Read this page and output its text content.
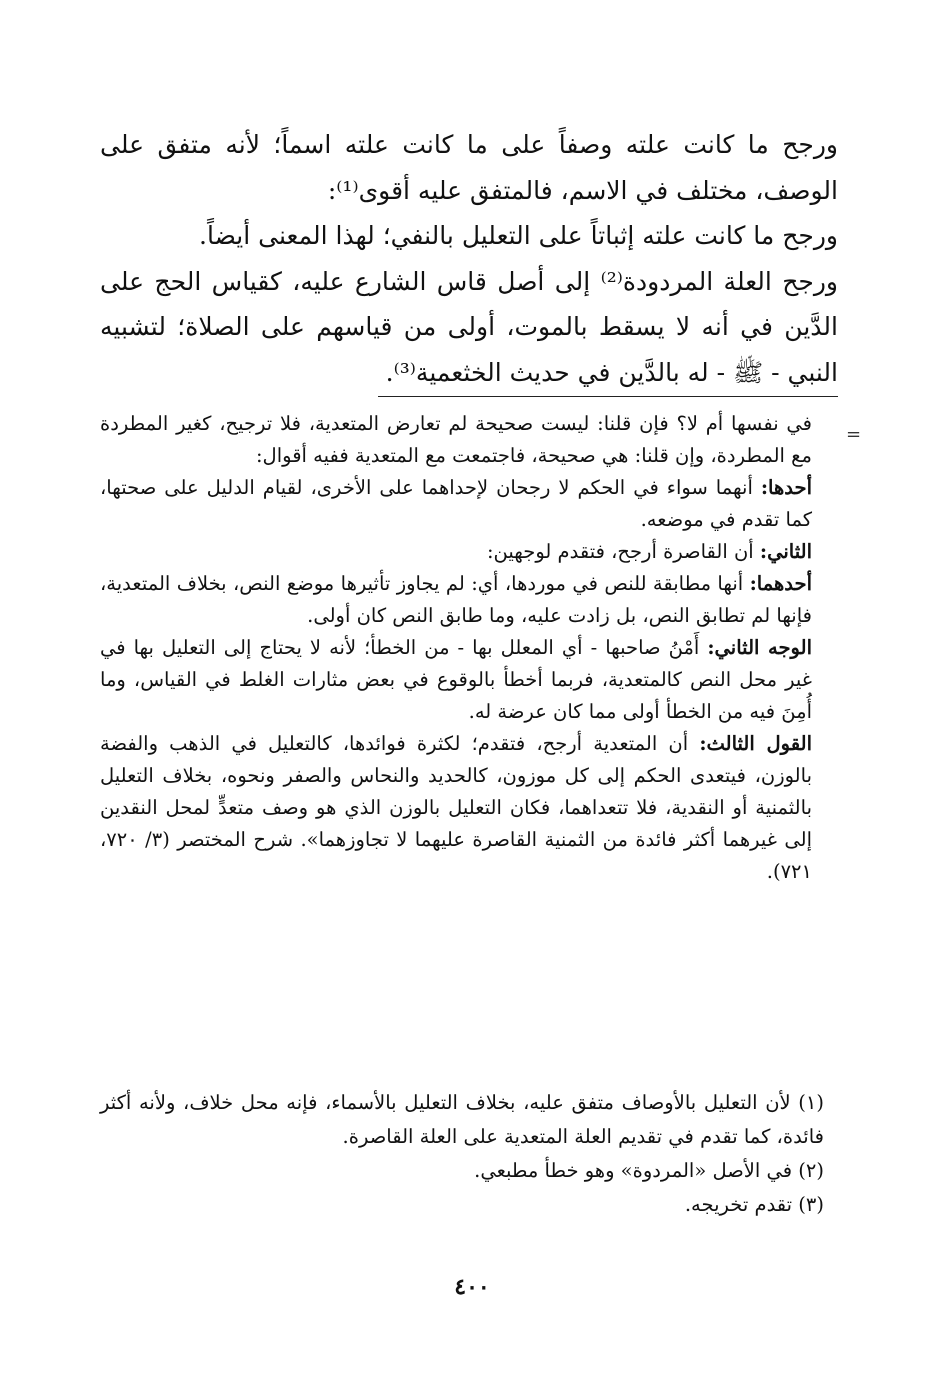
ورجح ما كانت علته وصفاً على ما كانت علته اسماً؛ لأنه متفق على الوصف، مختلف في الاسم، فالمتفق عليه أقوى⁽¹⁾:

ورجح ما كانت علته إثباتاً على التعليل بالنفي؛ لهذا المعنى أيضاً.

ورجح العلة المردودة⁽²⁾ إلى أصل قاس الشارع عليه، كقياس الحج على الدَّين في أنه لا يسقط بالموت، أولى من قياسهم على الصلاة؛ لتشبيه النبي - ﷺ - له بالدَّين في حديث الخثعمية⁽³⁾.

=

في نفسها أم لا؟ فإن قلنا: ليست صحيحة لم تعارض المتعدية، فلا ترجيح، كغير المطردة مع المطردة، وإن قلنا: هي صحيحة، فاجتمعت مع المتعدية ففيه أقوال:

أحدها: أنهما سواء في الحكم لا رجحان لإحداهما على الأخرى، لقيام الدليل على صحتها، كما تقدم في موضعه.

الثاني: أن القاصرة أرجح، فتقدم لوجهين:

أحدهما: أنها مطابقة للنص في موردها، أي: لم يجاوز تأثيرها موضع النص، بخلاف المتعدية، فإنها لم تطابق النص، بل زادت عليه، وما طابق النص كان أولى.

الوجه الثاني: أَمْنُ صاحبها - أي المعلل بها - من الخطأ؛ لأنه لا يحتاج إلى التعليل بها في غير محل النص كالمتعدية، فربما أخطأ بالوقوع في بعض مثارات الغلط في القياس، وما أُمِنَ فيه من الخطأ أولى مما كان عرضة له.

القول الثالث: أن المتعدية أرجح، فتقدم؛ لكثرة فوائدها، كالتعليل في الذهب والفضة بالوزن، فيتعدى الحكم إلى كل موزون، كالحديد والنحاس والصفر ونحوه، بخلاف التعليل بالثمنية أو النقدية، فلا تتعداهما، فكان التعليل بالوزن الذي هو وصف متعدٍّ لمحل النقدين إلى غيرهما أكثر فائدة من الثمنية القاصرة عليهما لا تجاوزهما». شرح المختصر (٣/ ٧٢٠، ٧٢١).

(١) لأن التعليل بالأوصاف متفق عليه، بخلاف التعليل بالأسماء، فإنه محل خلاف، ولأنه أكثر فائدة، كما تقدم في تقديم العلة المتعدية على العلة القاصرة.

(٢) في الأصل «المردوة» وهو خطأ مطبعي.

(٣) تقدم تخريجه.

٤٠٠
